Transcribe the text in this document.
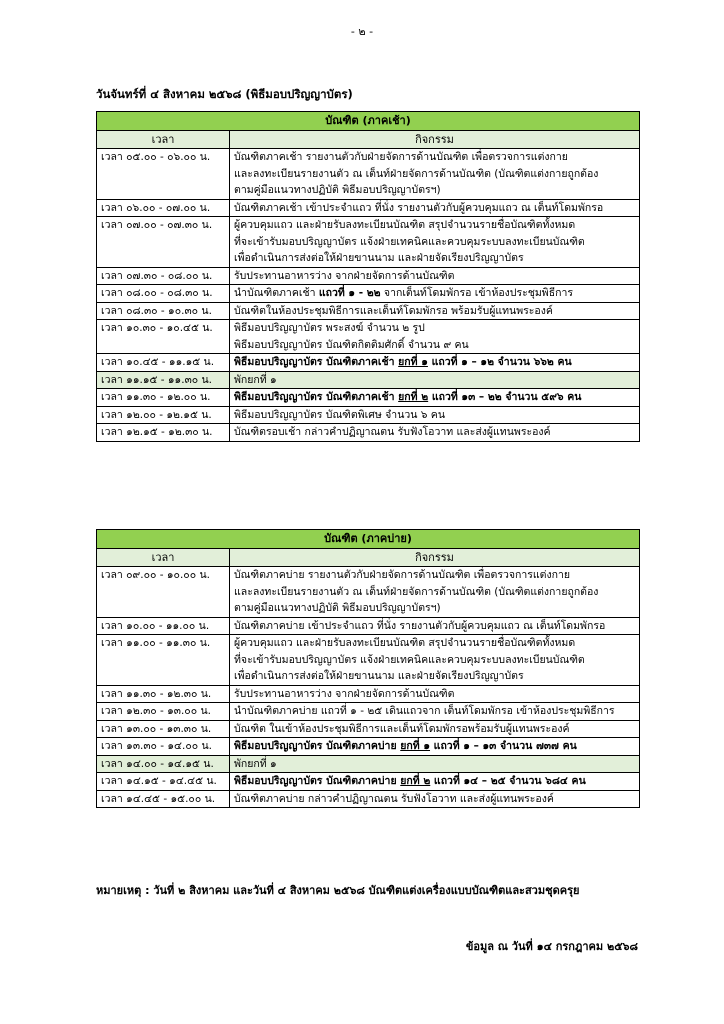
- ๒ -
วันจันทร์ที่ ๔ สิงหาคม ๒๕๖๘ (พิธีมอบปริญญาบัตร)
บัณฑิต (ภาคเช้า)	
เวลา	กิจกรรม
เวลา ๐๕.๐๐ - ๐๖.๐๐ น.	บัณฑิตภาคเช้า รายงานตัวกับฝ่ายจัดการด้านบัณฑิต เพื่อตรวจการแต่งกาย
และลงทะเบียนรายงานตัว ณ เต็นท์ฝ่ายจัดการด้านบัณฑิต (บัณฑิตแต่งกายถูกต้อง
ตามคู่มือแนวทางปฏิบัติ พิธีมอบปริญญาบัตรฯ)

เวลา ๐๖.๐๐ - ๐๗.๐๐ น.	บัณฑิตภาคเช้า เข้าประจำแถว ที่นั่ง รายงานตัวกับผู้ควบคุมแถว ณ เต็นท์โดมพักรอ

เวลา ๐๗.๐๐ - ๐๗.๓๐ น.	ผู้ควบคุมแถว และฝ่ายรับลงทะเบียนบัณฑิต สรุปจำนวนรายชื่อบัณฑิตทั้งหมด
ที่จะเข้ารับมอบปริญญาบัตร แจ้งฝ่ายเทคนิคและควบคุมระบบลงทะเบียนบัณฑิต
เพื่อดำเนินการส่งต่อให้ฝ่ายขานนาม และฝ่ายจัดเรียงปริญญาบัตร

เวลา ๐๗.๓๐ - ๐๘.๐๐ น.	รับประทานอาหารว่าง จากฝ่ายจัดการด้านบัณฑิต

เวลา ๐๘.๐๐ - ๐๘.๓๐ น.	นำบัณฑิตภาคเช้า แถวที่ ๑ - ๒๒ จากเต็นท์โดมพักรอ เข้าห้องประชุมพิธีการ
เวลา ๐๘.๓๐ - ๑๐.๓๐ น.	บัณฑิตในห้องประชุมพิธีการและเต็นท์โดมพักรอ พร้อมรับผู้แทนพระองค์

เวลา ๑๐.๓๐ - ๑๐.๔๕ น.	พิธีมอบปริญญาบัตร พระสงฆ์ จำนวน ๒ รูป
พิธีมอบปริญญาบัตร บัณฑิตกิตติมศักดิ์ จำนวน ๙ คน

เวลา ๑๐.๔๕ - ๑๑.๑๕ น.	พิธีมอบปริญญาบัตร บัณฑิตภาคเช้า ยกที่ ๑ แถวที่ ๑ – ๑๒ จำนวน ๖๖๒ คน
เวลา ๑๑.๑๕ - ๑๑.๓๐ น.	พักยกที่ ๑

เวลา ๑๑.๓๐ - ๑๒.๐๐ น.	พิธีมอบปริญญาบัตร บัณฑิตภาคเช้า ยกที่ ๒ แถวที่ ๑๓ – ๒๒ จำนวน ๕๙๖ คน
เวลา ๑๒.๐๐ - ๑๒.๑๕ น.	พิธีมอบปริญญาบัตร บัณฑิตพิเศษ จำนวน ๖ คน

เวลา ๑๒.๑๕ - ๑๒.๓๐ น.	บัณฑิตรอบเช้า กล่าวคำปฏิญาณตน รับฟังโอวาท และส่งผู้แทนพระองค์
บัณฑิต (ภาคบ่าย)	
เวลา	กิจกรรม
เวลา ๐๙.๐๐ - ๑๐.๐๐ น.	บัณฑิตภาคบ่าย รายงานตัวกับฝ่ายจัดการด้านบัณฑิต เพื่อตรวจการแต่งกาย
และลงทะเบียนรายงานตัว ณ เต็นท์ฝ่ายจัดการด้านบัณฑิต (บัณฑิตแต่งกายถูกต้อง
ตามคู่มือแนวทางปฏิบัติ พิธีมอบปริญญาบัตรฯ)

เวลา ๑๐.๐๐ - ๑๑.๐๐ น.	บัณฑิตภาคบ่าย เข้าประจำแถว ที่นั่ง รายงานตัวกับผู้ควบคุมแถว ณ เต็นท์โดมพักรอ

เวลา ๑๑.๐๐ - ๑๑.๓๐ น.	ผู้ควบคุมแถว และฝ่ายรับลงทะเบียนบัณฑิต สรุปจำนวนรายชื่อบัณฑิตทั้งหมด
ที่จะเข้ารับมอบปริญญาบัตร แจ้งฝ่ายเทคนิคและควบคุมระบบลงทะเบียนบัณฑิต
เพื่อดำเนินการส่งต่อให้ฝ่ายขานนาม และฝ่ายจัดเรียงปริญญาบัตร

เวลา ๑๑.๓๐ - ๑๒.๓๐ น.	รับประทานอาหารว่าง จากฝ่ายจัดการด้านบัณฑิต

เวลา ๑๒.๓๐ - ๑๓.๐๐ น.	นำบัณฑิตภาคบ่าย แถวที่ ๑ - ๒๕ เดินแถวจาก เต็นท์โดมพักรอ เข้าห้องประชุมพิธีการ

เวลา ๑๓.๐๐ - ๑๓.๓๐ น.	บัณฑิต ในเข้าห้องประชุมพิธีการและเต็นท์โดมพักรอพร้อมรับผู้แทนพระองค์

เวลา ๑๓.๓๐ - ๑๔.๐๐ น.	พิธีมอบปริญญาบัตร บัณฑิตภาคบ่าย ยกที่ ๑ แถวที่ ๑ – ๑๓ จำนวน ๗๓๗ คน
เวลา ๑๔.๐๐ - ๑๔.๑๕ น.	พักยกที่ ๑

เวลา ๑๔.๑๕ - ๑๔.๔๕ น.	พิธีมอบปริญญาบัตร บัณฑิตภาคบ่าย ยกที่ ๒ แถวที่ ๑๔ – ๒๕ จำนวน ๖๘๔ คน
เวลา ๑๔.๔๕ - ๑๕.๐๐ น.	บัณฑิตภาคบ่าย กล่าวคำปฏิญาณตน รับฟังโอวาท และส่งผู้แทนพระองค์
หมายเหตุ : วันที่ ๒ สิงหาคม และวันที่ ๔ สิงหาคม ๒๕๖๘ บัณฑิตแต่งเครื่องแบบบัณฑิตและสวมชุดครุย
ข้อมูล ณ วันที่ ๑๔ กรกฎาคม ๒๕๖๘
